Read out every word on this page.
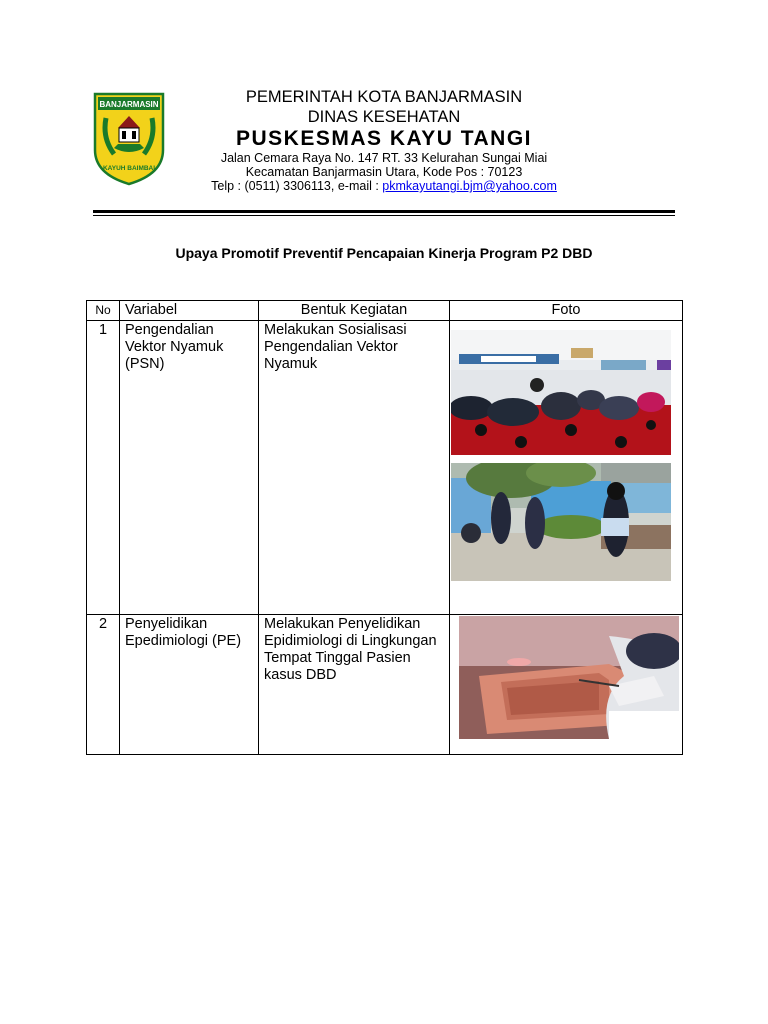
BANJARMASIN
KAYUH BAIMBAI
PEMERINTAH KOTA BANJARMASIN
DINAS KESEHATAN
PUSKESMAS KAYU TANGI
Jalan Cemara Raya No. 147 RT. 33 Kelurahan Sungai Miai
Kecamatan Banjarmasin Utara, Kode Pos : 70123
Telp : (0511) 3306113, e-mail : pkmkayutangi.bjm@yahoo.com
Upaya Promotif Preventif Pencapaian Kinerja Program P2 DBD
No	Variabel	Bentuk Kegiatan	Foto
1	Pengendalian Vektor Nyamuk (PSN)	Melakukan Sosialisasi Pengendalian Vektor Nyamuk	

2	Penyelidikan Epedimiologi (PE)	Melakukan Penyelidikan Epidimiologi di Lingkungan Tempat Tinggal Pasien kasus DBD	
